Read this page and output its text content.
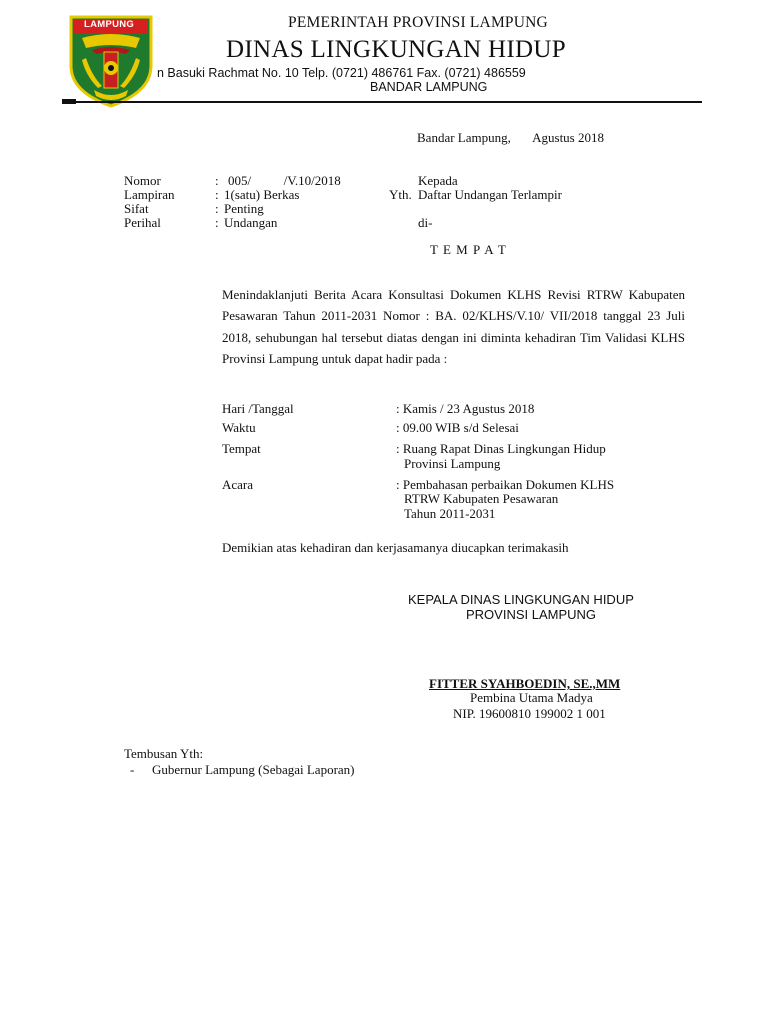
LAMPUNG	PEMERINTAH PROVINSI LAMPUNG
DINAS LINGKUNGAN HIDUP
n Basuki Rachmat No. 10 Telp. (0721) 486761 Fax. (0721) 486559
BANDAR LAMPUNG
Bandar Lampung, Agustus 2018
Nomor	: 005/          /V.10/2018
Lampiran	: 1(satu) Berkas
Sifat	: Penting
Perihal	: Undangan
Kepada
Yth. Daftar Undangan Terlampir
di-
T E M P A T
Menindaklanjuti Berita Acara Konsultasi Dokumen KLHS Revisi RTRW Kabupaten Pesawaran Tahun 2011-2031 Nomor : BA. 02/KLHS/V.10/ VII/2018 tanggal 23 Juli 2018, sehubungan hal tersebut diatas dengan ini diminta kehadiran Tim Validasi KLHS Provinsi Lampung untuk dapat hadir pada :
Hari /Tanggal	: Kamis / 23 Agustus 2018
Waktu	: 09.00 WIB s/d Selesai
Tempat	: Ruang Rapat Dinas Lingkungan Hidup
Provinsi Lampung
Acara	: Pembahasan perbaikan Dokumen KLHS
RTRW Kabupaten Pesawaran
Tahun 2011-2031
Demikian atas kehadiran dan kerjasamanya diucapkan terimakasih
KEPALA DINAS LINGKUNGAN HIDUP
PROVINSI LAMPUNG
FITTER SYAHBOEDIN, SE.,MM
Pembina Utama Madya
NIP. 19600810 199002 1 001
Tembusan Yth:
- Gubernur Lampung (Sebagai Laporan)
